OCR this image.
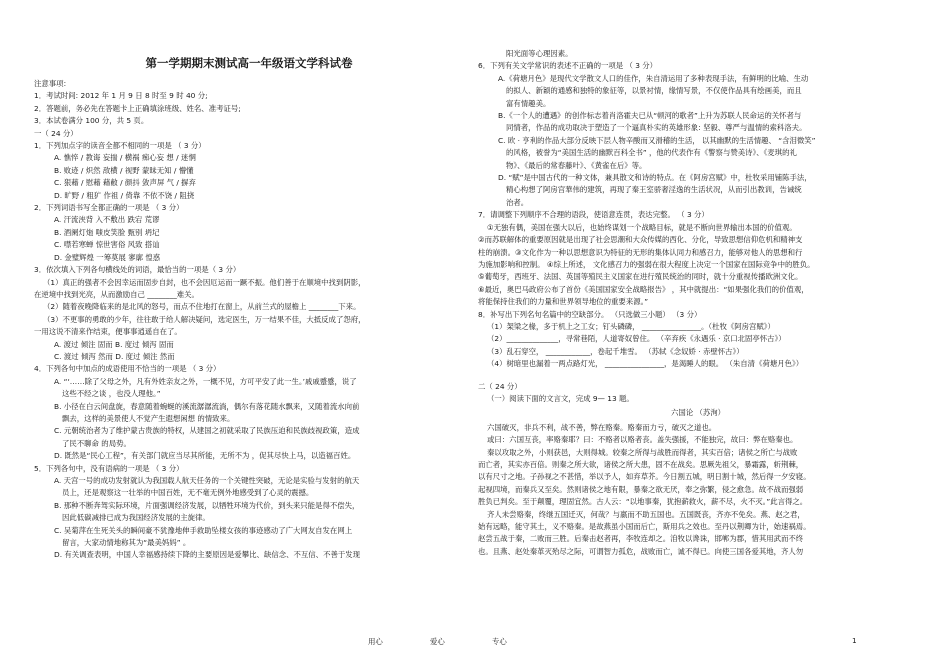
第一学期期末测试高一年级语文学科试卷
注意事项:
1．考试时间: 2012 年 1 月 9 日 8 时至 9 时 40 分;
2．答题前，务必先在答题卡上正确填涂班级、姓名、准考证号;
3．本试卷满分 100 分，共 5 页。
一（ 24 分）
1．下列加点字的读音全都不相同的一项是 （ 3 分）
A. 憔悴 / 教诲 妄揣 / 横祸 痴心妄 想 / 迷惘
B. 败迹 / 炽然 敌横 / 视野 蒙昧无知 / 懵懂
C. 狠藉 / 慰藉 藉敝 / 颜抖 敛声屏 气 / 摒弃
D. 旷野 / 粗犷 作祖 / 倚靠 不依不饶 / 阻挠
2．下列词语书写全都正确的一项是 （ 3 分）
A. 汗流浃背 入不敷出 跌宕 荒谬
B. 酒阑灯炧 嗤皮笑脸 甄别 坍圮
C. 噤若寒蝉 惊世害俗 风致 搭讪
D. 金璧辉煌 一筹莫展 寥廓 惶惑
3．依次填入下列各句横线处的词语，最恰当的一项是（ 3 分）
（1）真正的强者不会因幸运而固步自封，也不会因厄运而一蹶不振。他们善于在顺境中找到阴影，
在逆境中找到光亮，从而激励自己 ________难关。
（2）随着夜晚降临来的是北风的怒号，而点不住地打在窗上，从前兰式的屋檐上 ________下来。
（3）不更事的勇敢的少年，往往敢于给人解决疑问，选定医生，万一结果不佳，大抵反成了怨府，
一用这说不清来作结束，便事事逍遥自在了。
A. 渡过 倾注 固而 B. 度过 倾泻 固而
C. 渡过 倾泻 然而 D. 度过 倾注 然而
4．下列各句中加点的成语使用不恰当的一项是 （ 3 分）
A. “‘……除了父母之外，凡有外姓亲友之外，一概不见，方可平安了此一生。’戚戚蹙蹙，说了
这些不经之谈 ，也没人理他。”
B. 小径在白云间盘旋，春意随着蜿蜒的溪流潺潺流淌，偶尔有落花随水飘来，又随着流水向前
飘去，这样的美景使人不觉产生遐想闲想 的情致来。
C. 元朝统治者为了维护蒙古贵族的特权，从建国之初就采取了民族压迫和民族歧视政策，造成
了民不聊命 的局势。
D. 既然是“民心工程”，有关部门就应当尽其所能，无所不为 ，促其尽快上马，以造福百姓。
5．下列各句中，没有语病的一项是 （ 3 分）
A. 天宫一号的成功发射就认为我国载人航天任务的一个关键性突破，无论是实验与发射的航天
员上，还是观察这一壮举的中国百姓，无不毫无例外地感受到了心灵的震撼。
B. 那种不断奔驾实际环境，片面强调经济发展，以牺牲环境为代价，到头来只能是得不偿失，
因此低碳减排已成为我国经济发展的主旋律。
C. 吴菊萍在生死关头的瞬间豪不犹豫地伸手救助坠楼女孩的事迹感动了广大网友自发在网上
留言，大家动情地称其为“最美妈妈” 。
D. 有关调查表明，中国人幸福感持续下降的主要原因是爱攀比、缺信念、不互信、不善于发现
阳光面等心理因素。
6．下列有关文学常识的表述不正确的一项是 （ 3 分）
A.《荷塘月色》是现代文学散文人口的佳作，朱自清运用了多种表现手法，有鲜明的比喻、生动
的拟人、新颖的通感和独特的象征等，以景衬情，缘情写景，不仅使作品具有绘画美，而且
富有情趣美。
B.《一个人的遭遇》的创作标志着肖洛霍夫已从“顿河的歌者”上升为苏联人民命运的关怀者与
同情者，作品的成功取决于塑造了一个逼真朴实的英雄形象: 坚毅、尊严与温情的索科洛夫。
C. 欧 · 亨利的作品大部分反映下层人物辛酸而又滑稽的生活， 以其幽默的生活情趣、 “含泪微笑”
的风格，被誉为“美国生活的幽默百科全书” ，他的代表作有《警察与赞美诗》、《麦琪的礼
物》、《最后的常春藤叶》、《黄雀在后》等。
D. “赋”是中国古代的一种文体，兼具散文和诗的特点。在《阿房宫赋》中，杜牧采用铺陈手法，
精心构想了阿房宫華伟的建筑，再现了秦王室骄奢淫逸的生活状况，从而引出教训，告诫统
治者。
7．请调整下列顺序不合理的语段，使语意连贯，表达完整。 （ 3 分）
①无独有偶，美国在强大以后，也始终谋划一个战略目标，就是不断向世界输出本国的价值观。
②而苏联解体的重要原因就是出现了社会思潮和大众传媒的西化、分化，导致思想信仰危机和精神支
柱的崩溃。③文化作为一种以思想意识为特征的无形的集体认同力和感召力，能够对他人的思想和行
为施加影响和控制。 ④综上所述， 文化感召力的强弱在很大程度上决定一个国家在国际竞争中的胜负。
⑤葡萄牙，西班牙、法国、英国等殖民主义国家在进行殖民统治的同时，就十分重视传播欧洲文化。
⑥最近，奥巴马政府公布了首份《美国国家安全战略报告》 ，其中就提出：“如果强化我们的价值观，
将能保持住我们的力量和世界领导地位的重要来源。”
8．补写出下列名句名篇中的空缺部分。 （只选做三小题） （3 分）
（1）架梁之椽，多于机上之工女；钉头磷磷， ________________。（杜牧《阿房宫赋》）
（2）______________，寻常巷陌，人道寄奴曾住。 （辛弃疾《永遇乐 · 京口北固亭怀古》）
（3）乱石穿空， ____________，卷起千堆雪。 （苏轼《念奴娇 · 赤壁怀古》）
（4）树暗里也漏着一两点路灯光， ________________，是渴睡人的眼。 （朱自清《荷塘月色》）
二（ 24 分）
（一）阅读下面的文言文，完成 9— 13 题。
六国论 （苏洵）
六国破灭，非兵不利，战不善，弊在赂秦。赂秦而力亏，破灭之道也。
或曰：六国互丧，率赂秦耶？曰：不赂者以赂者丧。盖失强援，不能独完，故曰：弊在赂秦也。
秦以攻取之外，小则获邑，大则得城。较秦之所得与战胜而得者，其实百倍；诸侯之所亡与战败
而亡者，其实亦百倍。则秦之所大欲，诸侯之所大患，固不在战矣。思厥先祖父，暴霜露，斩荆棘，
以有尺寸之地。子孙视之不甚惜，举以予人，如弃草芥。今日割五城，明日割十城，然后得一夕安寝。
起视四境，而秦兵又至矣。然则诸侯之地有限，暴秦之欲无厌，奉之弥繁，侵之愈急。故不战而强弱
胜负已判矣。至于颠覆，理固宜然。古人云：“以地事秦，犹抱薪救火，薪不尽，火不灭。”此言得之。
齐人未尝赂秦，终继五国迁灭，何哉？与嬴而不助五国也。五国既丧，齐亦不免矣。燕、赵之君，
始有远略，能守其土，义不赂秦。是故燕虽小国而后亡，斯用兵之效也。至丹以荆卿为计，始速祸焉。
赵尝五战于秦，二败而三胜。后秦击赵者再，李牧连却之。洎牧以谗诛，邯郸为郡，惜其用武而不终
也。且燕、赵处秦革灭殆尽之际，可谓智力孤危，战败而亡，诚不得已。向使三国各爱其地，齐人勿
用心	爱心	专心	1
